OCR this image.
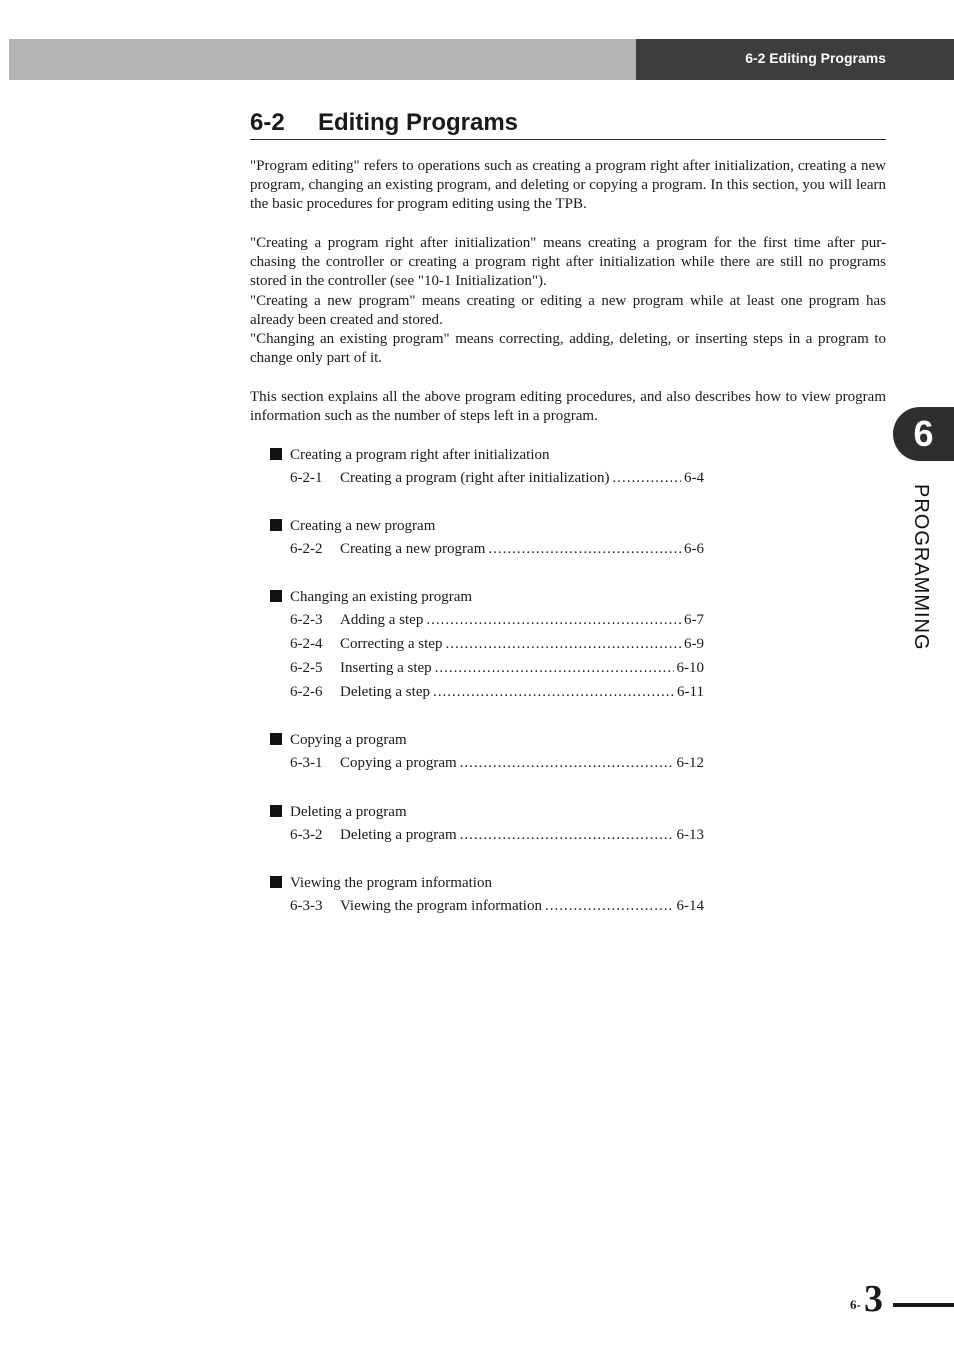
6-2 Editing Programs
6-2 Editing Programs

"Program editing" refers to operations such as creating a program right after initialization, creating a new program, changing an existing program, and deleting or copying a program. In this section, you will learn the basic procedures for program editing using the TPB.

"Creating a program right after initialization" means creating a program for the first time after pur-chasing the controller or creating a program right after initialization while there are still no programs stored in the controller (see "10-1 Initialization").

"Creating a new program" means creating or editing a new program while at least one program has already been created and stored.

"Changing an existing program" means correcting, adding, deleting, or inserting steps in a program to change only part of it.

This section explains all the above program editing procedures, and also describes how to view program information such as the number of steps left in a program.

Creating a program right after initialization
6-2-1	Creating a program (right after initialization) .....	6-4
Creating a new program
6-2-2	Creating a new program .....	6-6
Changing an existing program
6-2-3	Adding a step .....	6-7
6-2-4	Correcting a step .....	6-9
6-2-5	Inserting a step .....	6-10
6-2-6	Deleting a step .....	6-11
Copying a program
6-3-1	Copying a program .....	6-12
Deleting a program
6-3-2	Deleting a program .....	6-13
Viewing the program information
6-3-3	Viewing the program information .....	6-14
6
PROGRAMMING
6- 3
